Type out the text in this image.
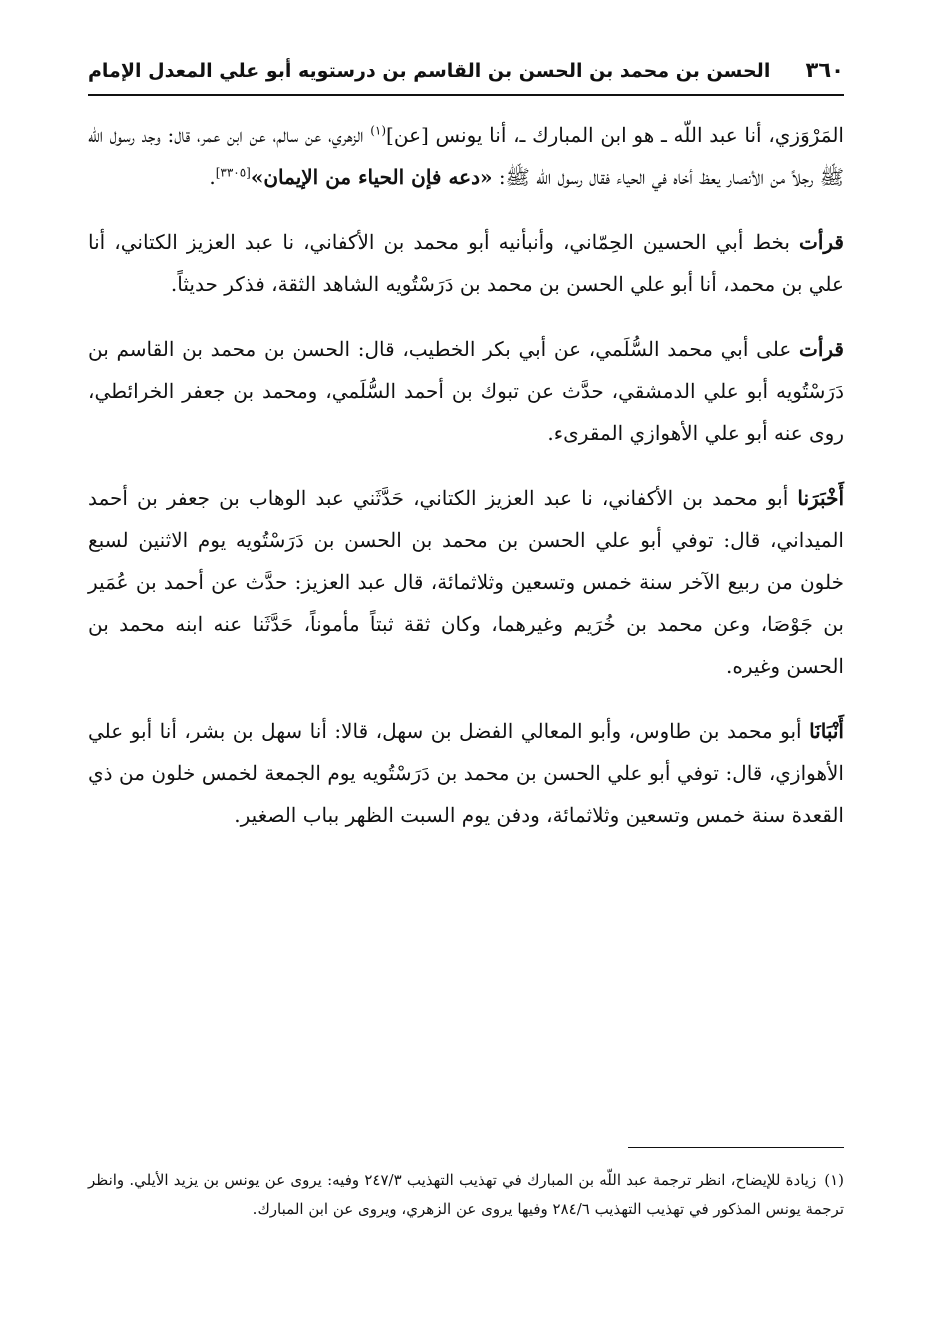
٣٦٠
الحسن بن محمد بن الحسن بن القاسم بن درستويه أبو علي المعدل الإمام

المَرْوَزي، أنا عبد اللّه ـ هو ابن المبارك ـ، أنا يونس [عن]$^{(١)}$ الزهري، عن سالم، عن ابن عمر، قال: وجد رسول الله ﷺ رجلاً من الأنصار يعظ أخاه في الحياء فقال رسول الله ﷺ: «دعه فإن الحياء من الإيمان»[٣٣٠٥].

قرأت بخط أبي الحسين الحِمّاني، وأنبأنيه أبو محمد بن الأكفاني، نا عبد العزيز الكتاني، أنا علي بن محمد، أنا أبو علي الحسن بن محمد بن دَرَسْتُويه الشاهد الثقة، فذكر حديثاً.

قرأت على أبي محمد السُّلَمي، عن أبي بكر الخطيب، قال: الحسن بن محمد بن القاسم بن دَرَسْتُويه أبو علي الدمشقي، حدَّث عن تبوك بن أحمد السُّلَمي، ومحمد بن جعفر الخرائطي، روى عنه أبو علي الأهوازي المقرىء.

أَخْبَرَنا أبو محمد بن الأكفاني، نا عبد العزيز الكتاني، حَدَّثَني عبد الوهاب بن جعفر بن أحمد الميداني، قال: توفي أبو علي الحسن بن محمد بن الحسن بن دَرَسْتُويه يوم الاثنين لسبع خلون من ربيع الآخر سنة خمس وتسعين وثلاثمائة، قال عبد العزيز: حدَّث عن أحمد بن عُمَير بن جَوْصَا، وعن محمد بن خُرَيم وغيرهما، وكان ثقة ثبتاً مأموناً، حَدَّثَنا عنه ابنه محمد بن الحسن وغيره.

أَنْبَانَا أبو محمد بن طاوس، وأبو المعالي الفضل بن سهل، قالا: أنا سهل بن بشر، أنا أبو علي الأهوازي، قال: توفي أبو علي الحسن بن محمد بن دَرَسْتُويه يوم الجمعة لخمس خلون من ذي القعدة سنة خمس وتسعين وثلاثمائة، ودفن يوم السبت الظهر بباب الصغير.

(١)زيادة للإيضاح، انظر ترجمة عبد اللّه بن المبارك في تهذيب التهذيب ٢٤٧/٣ وفيه: يروى عن يونس بن يزيد الأيلي. وانظر ترجمة يونس المذكور في تهذيب التهذيب ٢٨٤/٦ وفيها يروى عن الزهري، ويروى عن ابن المبارك.
